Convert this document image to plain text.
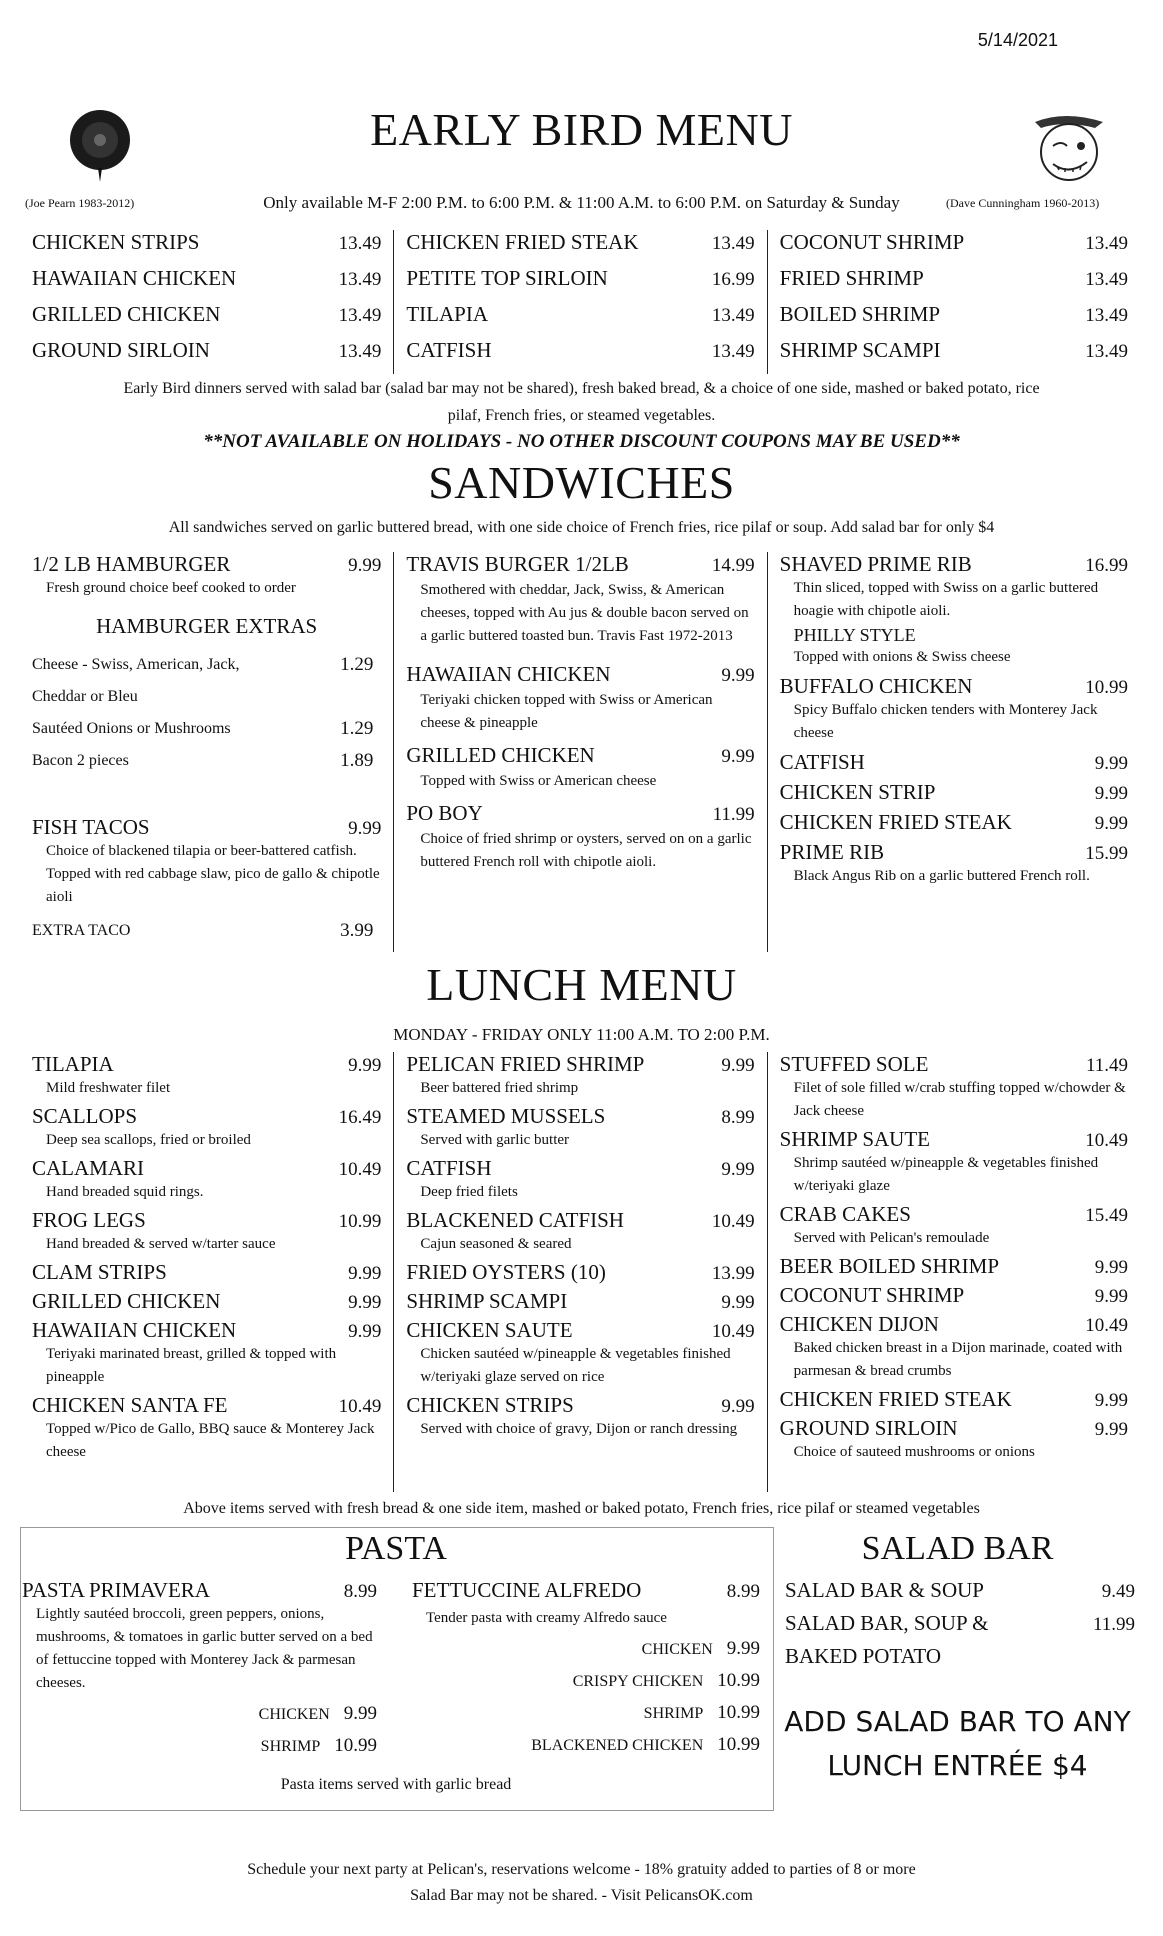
5/14/2021
EARLY BIRD MENU
(Joe Pearn 1983-2012)	(Dave Cunningham 1960-2013)
Only available M-F 2:00 P.M. to 6:00 P.M. & 11:00 A.M. to 6:00 P.M. on Saturday & Sunday
CHICKEN STRIPS	13.49
HAWAIIAN CHICKEN	13.49
GRILLED CHICKEN	13.49
GROUND SIRLOIN	13.49
CHICKEN FRIED STEAK	13.49
PETITE TOP SIRLOIN	16.99
TILAPIA	13.49
CATFISH	13.49
COCONUT SHRIMP	13.49
FRIED SHRIMP	13.49
BOILED SHRIMP	13.49
SHRIMP SCAMPI	13.49
Early Bird dinners served with salad bar (salad bar may not be shared), fresh baked bread, & a choice of one side, mashed or baked potato, rice
pilaf, French fries, or steamed vegetables.
**NOT AVAILABLE ON HOLIDAYS - NO OTHER DISCOUNT COUPONS MAY BE USED**
SANDWICHES
All sandwiches served on garlic buttered bread, with one side choice of French fries, rice pilaf or soup. Add salad bar for only $4
1/2 LB HAMBURGER	9.99
Fresh ground choice beef cooked to order
HAMBURGER EXTRAS
Cheese - Swiss, American, Jack,	1.29
Cheddar or Bleu
Sautéed Onions or Mushrooms	1.29
Bacon 2 pieces	1.89
FISH TACOS	9.99
Choice of blackened tilapia or beer-battered catfish. Topped with red cabbage slaw, pico de gallo & chipotle aioli
EXTRA TACO	3.99
TRAVIS BURGER 1/2LB	14.99
Smothered with cheddar, Jack, Swiss, & American cheeses, topped with Au jus & double bacon served on a garlic buttered toasted bun. Travis Fast 1972-2013
HAWAIIAN CHICKEN	9.99
Teriyaki chicken topped with Swiss or American cheese & pineapple
GRILLED CHICKEN	9.99
Topped with Swiss or American cheese
PO BOY	11.99
Choice of fried shrimp or oysters, served on on a garlic buttered French roll with chipotle aioli.
SHAVED PRIME RIB	16.99
Thin sliced, topped with Swiss on a garlic buttered hoagie with chipotle aioli.
PHILLY STYLE
Topped with onions & Swiss cheese
BUFFALO CHICKEN	10.99
Spicy Buffalo chicken tenders with Monterey Jack cheese
CATFISH	9.99
CHICKEN STRIP	9.99
CHICKEN FRIED STEAK	9.99
PRIME RIB	15.99
Black Angus Rib on a garlic buttered French roll.
LUNCH MENU
MONDAY - FRIDAY ONLY 11:00 A.M. TO 2:00 P.M.
TILAPIA	9.99
Mild freshwater filet
SCALLOPS	16.49
Deep sea scallops, fried or broiled
CALAMARI	10.49
Hand breaded squid rings.
FROG LEGS	10.99
Hand breaded & served w/tarter sauce
CLAM STRIPS	9.99
GRILLED CHICKEN	9.99
HAWAIIAN CHICKEN	9.99
Teriyaki marinated breast, grilled & topped with pineapple
CHICKEN SANTA FE	10.49
Topped w/Pico de Gallo, BBQ sauce & Monterey Jack cheese
PELICAN FRIED SHRIMP	9.99
Beer battered fried shrimp
STEAMED MUSSELS	8.99
Served with garlic butter
CATFISH	9.99
Deep fried filets
BLACKENED CATFISH	10.49
Cajun seasoned & seared
FRIED OYSTERS (10)	13.99
SHRIMP SCAMPI	9.99
CHICKEN SAUTE	10.49
Chicken sautéed w/pineapple & vegetables finished w/teriyaki glaze served on rice
CHICKEN STRIPS	9.99
Served with choice of gravy, Dijon or ranch dressing
STUFFED SOLE	11.49
Filet of sole filled w/crab stuffing topped w/chowder & Jack cheese
SHRIMP SAUTE	10.49
Shrimp sautéed w/pineapple & vegetables finished w/teriyaki glaze
CRAB CAKES	15.49
Served with Pelican's remoulade
BEER BOILED SHRIMP	9.99
COCONUT SHRIMP	9.99
CHICKEN DIJON	10.49
Baked chicken breast in a Dijon marinade, coated with parmesan & bread crumbs
CHICKEN FRIED STEAK	9.99
GROUND SIRLOIN	9.99
Choice of sauteed mushrooms or onions
Above items served with fresh bread & one side item, mashed or baked potato, French fries, rice pilaf or steamed vegetables
PASTA
PASTA PRIMAVERA	8.99
Lightly sautéed broccoli, green peppers, onions, mushrooms, & tomatoes in garlic butter served on a bed of fettuccine topped with Monterey Jack & parmesan cheeses.
CHICKEN 9.99
SHRIMP 10.99
FETTUCCINE ALFREDO	8.99
Tender pasta with creamy Alfredo sauce
CHICKEN 9.99
CRISPY CHICKEN 10.99
SHRIMP 10.99
BLACKENED CHICKEN 10.99
Pasta items served with garlic bread
SALAD BAR
SALAD BAR & SOUP	9.49
SALAD BAR, SOUP &	11.99
BAKED POTATO
ADD SALAD BAR TO ANY
LUNCH ENTRÉE $4
Schedule your next party at Pelican's, reservations welcome - 18% gratuity added to parties of 8 or more
Salad Bar may not be shared. - Visit PelicansOK.com
